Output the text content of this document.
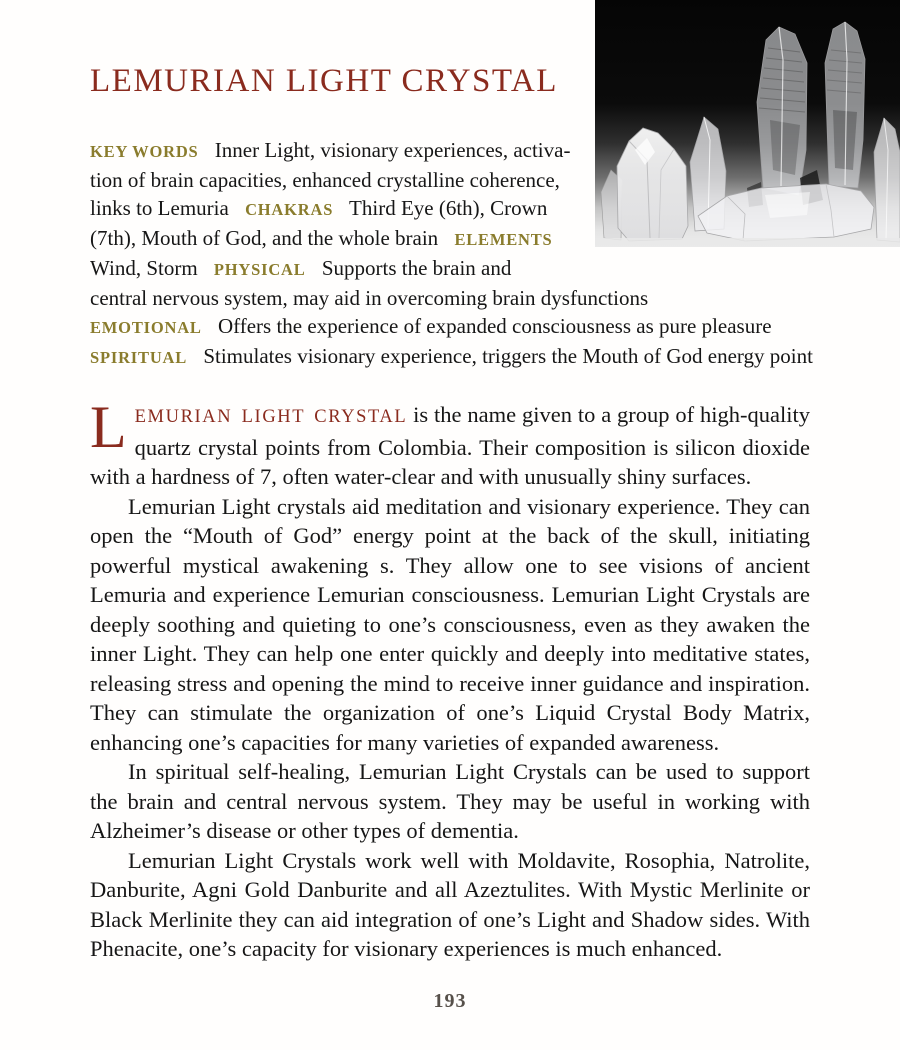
LEMURIAN LIGHT CRYSTAL
KEY WORDS Inner Light, visionary experiences, activa-
tion of brain capacities, enhanced crystalline coherence,
links to Lemuria CHAKRAS Third Eye (6th), Crown
(7th), Mouth of God, and the whole brain ELEMENTS
Wind, Storm PHYSICAL Supports the brain and
central nervous system, may aid in overcoming brain dysfunctions
EMOTIONAL Offers the experience of expanded consciousness as pure pleasure
SPIRITUAL Stimulates visionary experience, triggers the Mouth of God energy point

L EMURIAN LIGHT CRYSTAL is the name given to a group of high-quality quartz crystal points from Colombia. Their composition is silicon dioxide with a hardness of 7, often water-clear and with unusually shiny surfaces.

Lemurian Light crystals aid meditation and visionary experience. They can open the “Mouth of God” energy point at the back of the skull, initiating powerful mystical awakening s. They allow one to see visions of ancient Lemuria and experience Lemurian consciousness. Lemurian Light Crystals are deeply soothing and quieting to one’s consciousness, even as they awaken the inner Light. They can help one enter quickly and deeply into meditative states, releasing stress and opening the mind to receive inner guidance and inspiration. They can stimulate the organization of one’s Liquid Crystal Body Matrix, enhancing one’s capacities for many varieties of expanded awareness.

In spiritual self-healing, Lemurian Light Crystals can be used to support the brain and central nervous system. They may be useful in working with Alzheimer’s disease or other types of dementia.

Lemurian Light Crystals work well with Moldavite, Rosophia, Natrolite, Danburite, Agni Gold Danburite and all Azeztulites. With Mystic Merlinite or Black Merlinite they can aid integration of one’s Light and Shadow sides. With Phenacite, one’s capacity for visionary experiences is much enhanced.

193
